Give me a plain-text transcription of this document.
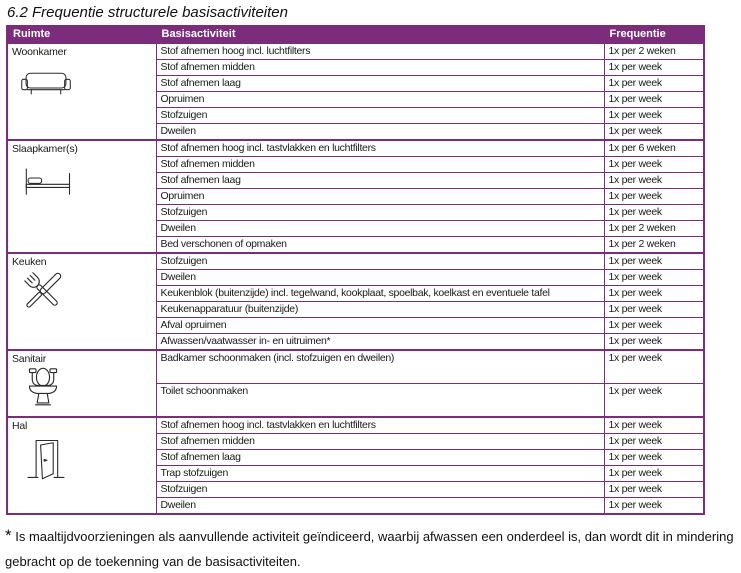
6.2 Frequentie structurele basisactiviteiten
Ruimte	Basisactiviteit	Frequentie

Woonkamer	Stof afnemen hoog incl. luchtfilters	1x per 2 weken
	Stof afnemen midden	1x per week
	Stof afnemen laag	1x per week
	Opruimen	1x per week
	Stofzuigen	1x per week
	Dweilen	1x per week

Slaapkamer(s)	Stof afnemen hoog incl. tastvlakken en luchtfilters	1x per 6 weken
	Stof afnemen midden	1x per week
	Stof afnemen laag	1x per week
	Opruimen	1x per week
	Stofzuigen	1x per week
	Dweilen	1x per 2 weken
	Bed verschonen of opmaken	1x per 2 weken

Keuken	Stofzuigen	1x per week
	Dweilen	1x per week
	Keukenblok (buitenzijde) incl. tegelwand, kookplaat, spoelbak, koelkast en eventuele tafel	1x per week
	Keukenapparatuur (buitenzijde)	1x per week
	Afval opruimen	1x per week
	Afwassen/vaatwasser in- en uitruimen*	1x per week

Sanitair	Badkamer schoonmaken (incl. stofzuigen en dweilen)	1x per week
	Toilet schoonmaken	1x per week

Hal	Stof afnemen hoog incl. tastvlakken en luchtfilters	1x per week
	Stof afnemen midden	1x per week
	Stof afnemen laag	1x per week
	Trap stofzuigen	1x per week
	Stofzuigen	1x per week
	Dweilen	1x per week

* Is maaltijdvoorzieningen als aanvullende activiteit geïndiceerd, waarbij afwassen een onderdeel is, dan wordt dit in mindering gebracht op de toekenning van de basisactiviteiten.
